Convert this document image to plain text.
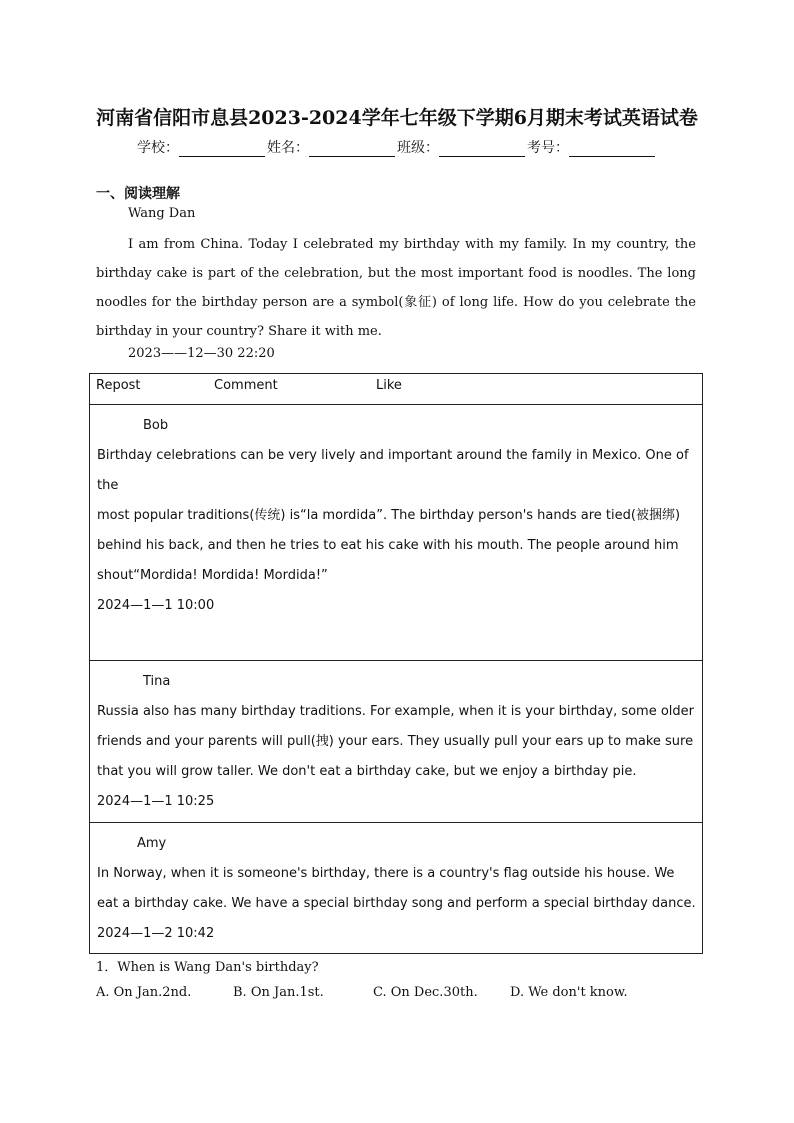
河南省信阳市息县2023-2024学年七年级下学期6月期末考试英语试卷
学校：	姓名：	班级：	考号：
一、阅读理解
Wang Dan
I am from China. Today I celebrated my birthday with my family. In my country, the birthday cake is part of the celebration, but the most important food is noodles. The long noodles for the birthday person are a symbol(象征) of long life. How do you celebrate the birthday in your country? Share it with me.
2023——12—30 22:20
Repost	Comment	Like
Bob
Birthday celebrations can be very lively and important around the family in Mexico. One of the
most popular traditions(传统) is“la mordida”. The birthday person's hands are tied(被捆绑) behind his back, and then he tries to eat his cake with his mouth. The people around him
shout“Mordida! Mordida! Mordida!”
2024—1—1 10:00
Tina
Russia also has many birthday traditions. For example, when it is your birthday, some older friends and your parents will pull(拽) your ears. They usually pull your ears up to make sure that you will grow taller. We don't eat a birthday cake, but we enjoy a birthday pie.
2024—1—1 10:25
Amy
In Norway, when it is someone's birthday, there is a country's flag outside his house. We eat a birthday cake. We have a special birthday song and perform a special birthday dance.
2024—1—2 10:42
1．When is Wang Dan's birthday?
A. On Jan.2nd.	B. On Jan.1st.	C. On Dec.30th. D. We don't know.
